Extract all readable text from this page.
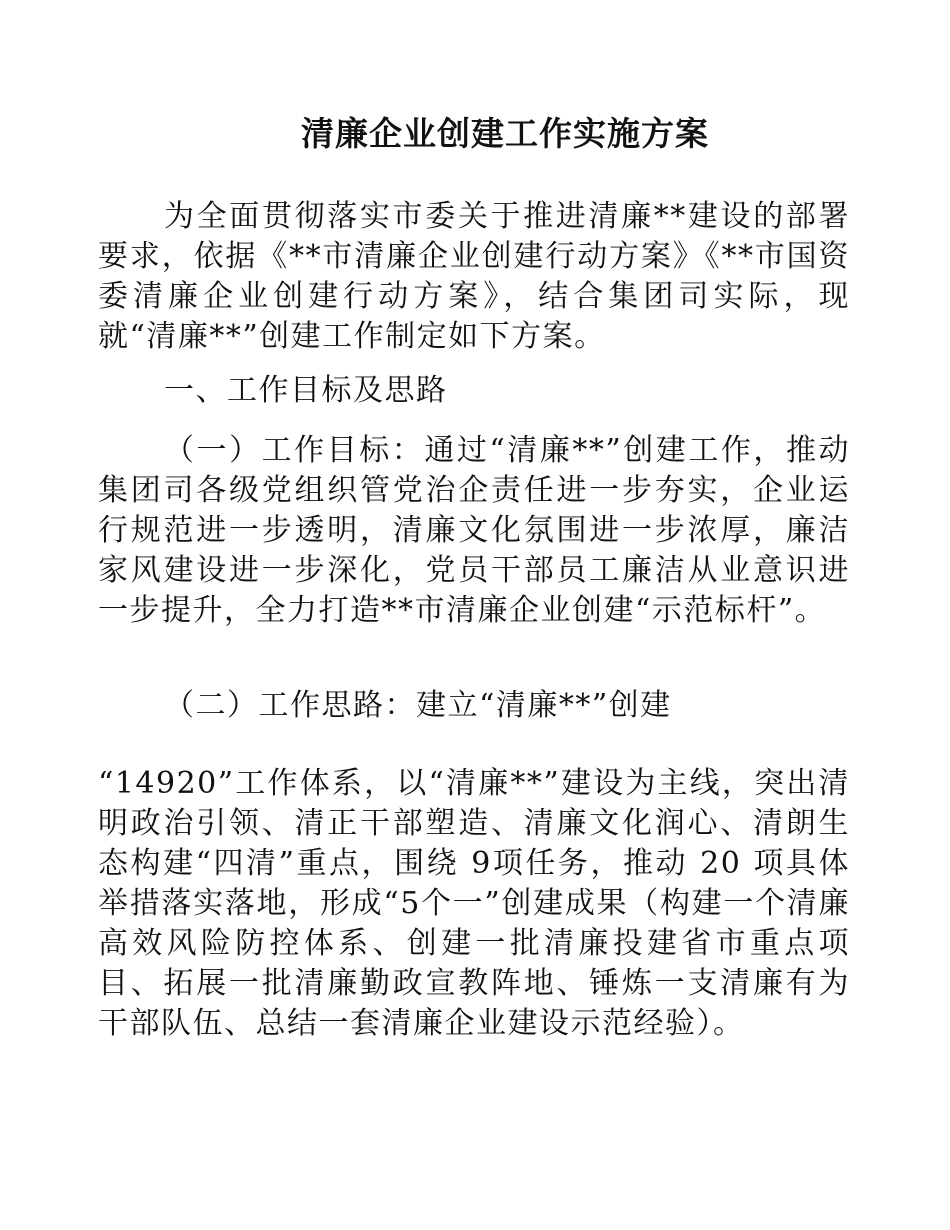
清廉企业创建工作实施方案

为全面贯彻落实市委关于推进清廉**建设的部署要求，依据《**市清廉企业创建行动方案》《**市国资委清廉企业创建行动方案》，结合集团司实际，现就“清廉**”创建工作制定如下方案。

一、工作目标及思路

（一）工作目标：通过“清廉**”创建工作，推动集团司各级党组织管党治企责任进一步夯实，企业运行规范进一步透明，清廉文化氛围进一步浓厚，廉洁家风建设进一步深化，党员干部员工廉洁从业意识进一步提升，全力打造**市清廉企业创建“示范标杆”。

（二）工作思路：建立“清廉**”创建

“14920”工作体系，以“清廉**”建设为主线，突出清明政治引领、清正干部塑造、清廉文化润心、清朗生态构建“四清”重点，围绕 9项任务，推动 20 项具体举措落实落地，形成“5个一”创建成果（构建一个清廉高效风险防控体系、创建一批清廉投建省市重点项目、拓展一批清廉勤政宣教阵地、锤炼一支清廉有为干部队伍、总结一套清廉企业建设示范经验）。
